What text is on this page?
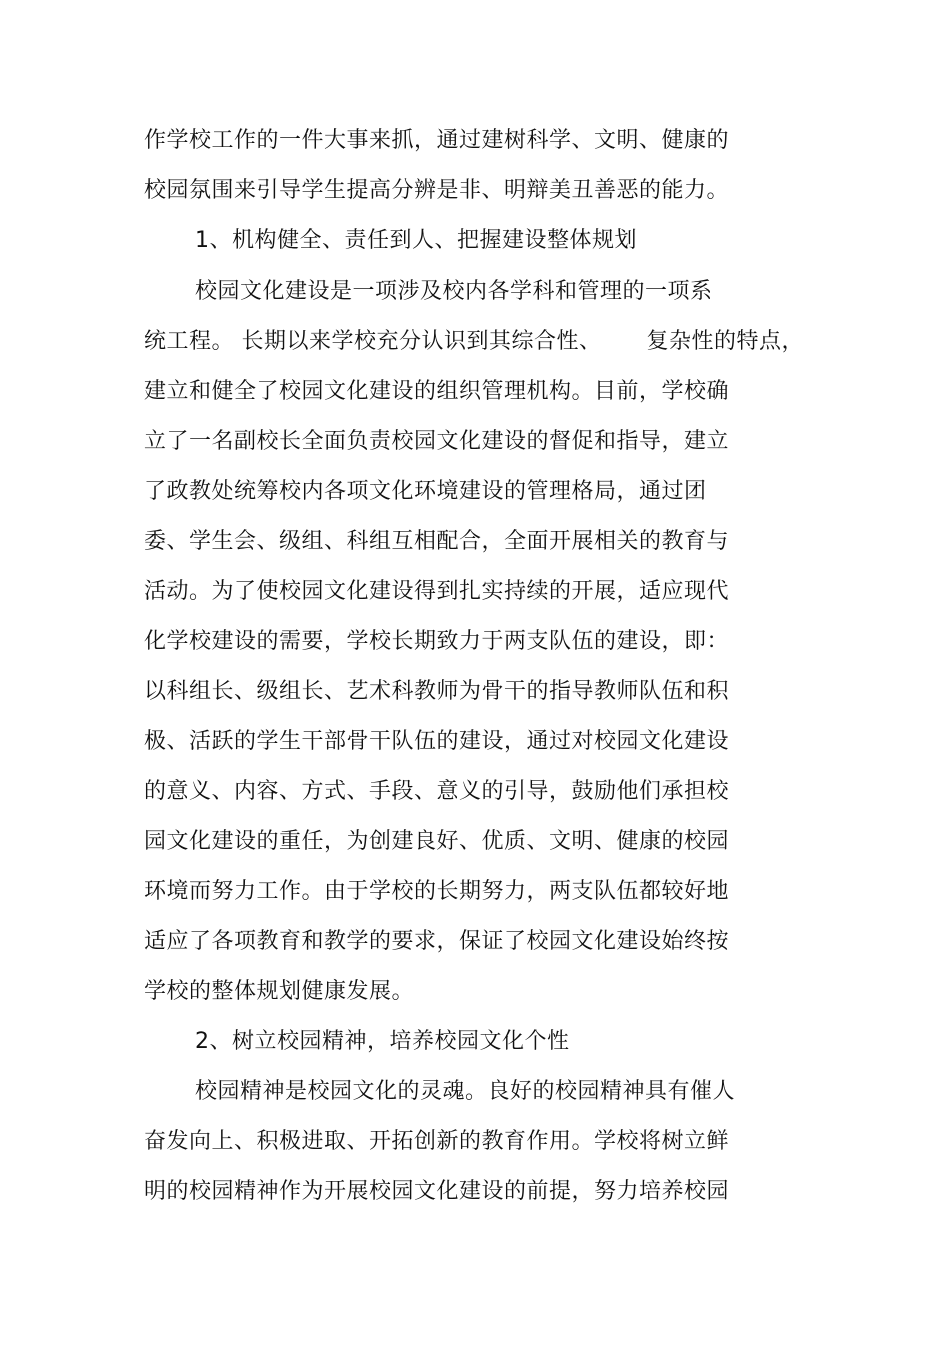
作学校工作的一件大事来抓，通过建树科学、文明、健康的
校园氛围来引导学生提高分辨是非、明辩美丑善恶的能力。
1、机构健全、责任到人、把握建设整体规划
校园文化建设是一项涉及校内各学科和管理的一项系
统工程。 长期以来学校充分认识到其综合性、      复杂性的特点，
建立和健全了校园文化建设的组织管理机构。目前，学校确
立了一名副校长全面负责校园文化建设的督促和指导，建立
了政教处统筹校内各项文化环境建设的管理格局，通过团
委、学生会、级组、科组互相配合，全面开展相关的教育与
活动。为了使校园文化建设得到扎实持续的开展，适应现代
化学校建设的需要，学校长期致力于两支队伍的建设，即：
以科组长、级组长、艺术科教师为骨干的指导教师队伍和积
极、活跃的学生干部骨干队伍的建设，通过对校园文化建设
的意义、内容、方式、手段、意义的引导，鼓励他们承担校
园文化建设的重任，为创建良好、优质、文明、健康的校园
环境而努力工作。由于学校的长期努力，两支队伍都较好地
适应了各项教育和教学的要求，保证了校园文化建设始终按
学校的整体规划健康发展。
2、树立校园精神，培养校园文化个性
校园精神是校园文化的灵魂。良好的校园精神具有催人
奋发向上、积极进取、开拓创新的教育作用。学校将树立鲜
明的校园精神作为开展校园文化建设的前提，努力培养校园
